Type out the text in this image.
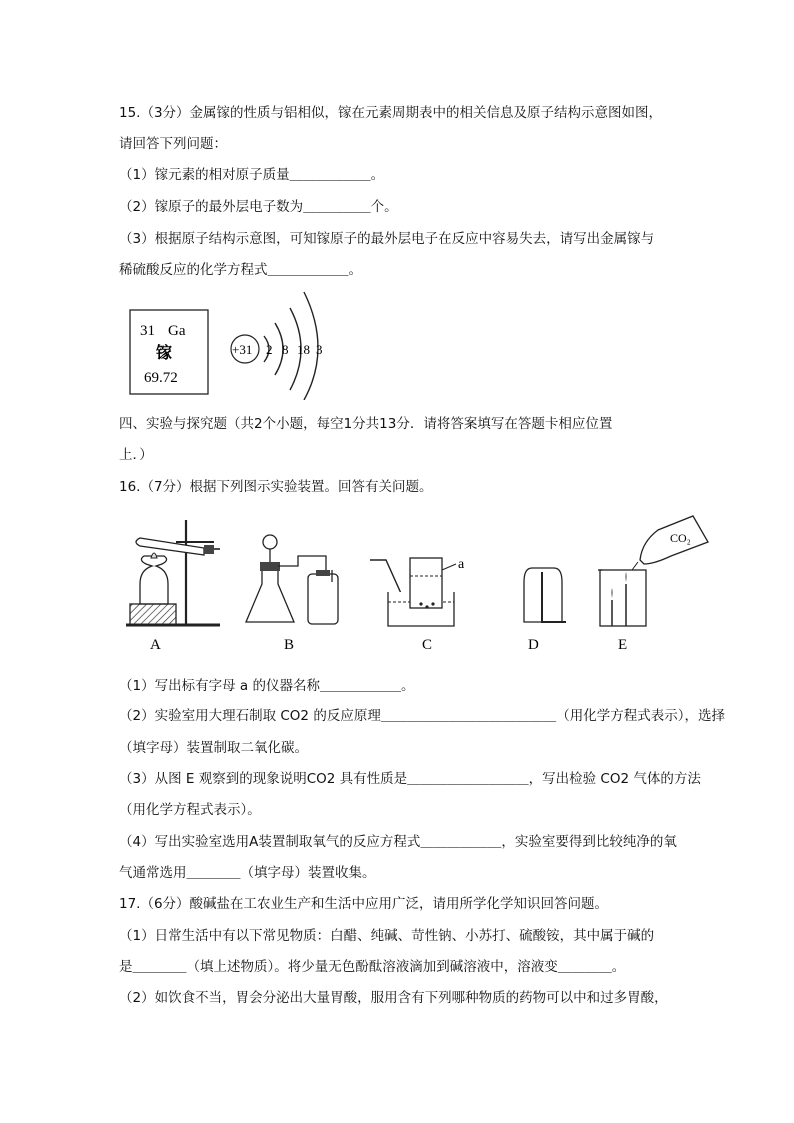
15.（3分）金属镓的性质与铝相似，镓在元素周期表中的相关信息及原子结构示意图如图，
请回答下列问题：
（1）镓元素的相对原子质量＿＿＿＿＿＿。
（2）镓原子的最外层电子数为＿＿＿＿＿个。
（3）根据原子结构示意图，可知镓原子的最外层电子在反应中容易失去，请写出金属镓与
稀硫酸反应的化学方程式＿＿＿＿＿＿。
31 Ga
镓
69.72
+31 2 8 18 3
四、实验与探究题（共2个小题，每空1分共13分．请将答案填写在答题卡相应位置
上．）
16.（7分）根据下列图示实验装置。回答有关问题。
A	B
a
C	D
CO₂
E
（1）写出标有字母 a 的仪器名称＿＿＿＿＿＿。
（2）实验室用大理石制取 CO2 的反应原理＿＿＿＿＿＿＿＿＿＿＿＿＿（用化学方程式表示），选择
（填字母）装置制取二氧化碳。
（3）从图 E 观察到的现象说明CO2 具有性质是＿＿＿＿＿＿＿＿＿，写出检验 CO2 气体的方法
（用化学方程式表示）。
（4）写出实验室选用A装置制取氧气的反应方程式＿＿＿＿＿＿，实验室要得到比较纯净的氧
气通常选用＿＿＿＿（填字母）装置收集。
17.（6分）酸碱盐在工农业生产和生活中应用广泛，请用所学化学知识回答问题。
（1）日常生活中有以下常见物质：白醋、纯碱、苛性钠、小苏打、硫酸铵，其中属于碱的
是＿＿＿＿（填上述物质）。将少量无色酚酞溶液滴加到碱溶液中，溶液变＿＿＿＿。
（2）如饮食不当，胃会分泌出大量胃酸，服用含有下列哪种物质的药物可以中和过多胃酸，
